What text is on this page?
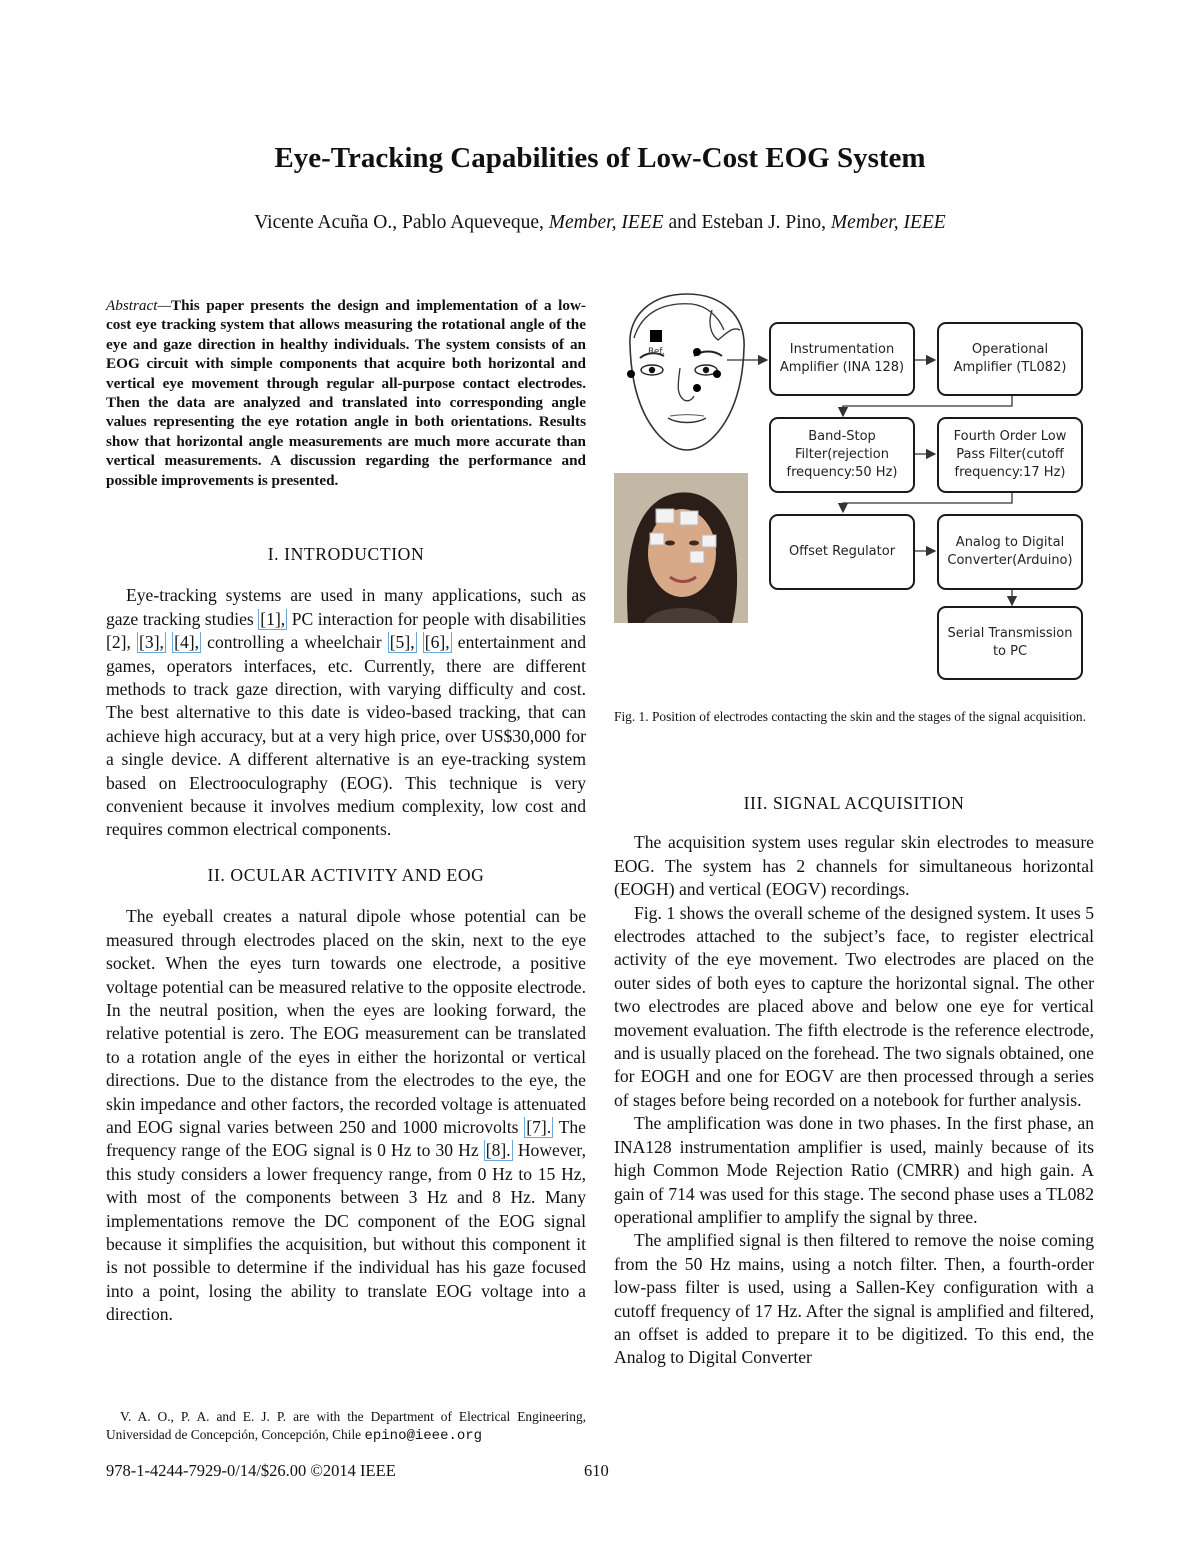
Eye-Tracking Capabilities of Low-Cost EOG System
Vicente Acuña O., Pablo Aqueveque, Member, IEEE and Esteban J. Pino, Member, IEEE
Abstract—This paper presents the design and implementation of a low-cost eye tracking system that allows measuring the rotational angle of the eye and gaze direction in healthy individuals. The system consists of an EOG circuit with simple components that acquire both horizontal and vertical eye movement through regular all-purpose contact electrodes. Then the data are analyzed and translated into corresponding angle values representing the eye rotation angle in both orientations. Results show that horizontal angle measurements are much more accurate than vertical measurements. A discussion regarding the performance and possible improvements is presented.

I. INTRODUCTION

Eye-tracking systems are used in many applications, such as gaze tracking studies [1], PC interaction for people with disabilities [2], [3], [4], controlling a wheelchair [5], [6], entertainment and games, operators interfaces, etc. Currently, there are different methods to track gaze direction, with varying difficulty and cost. The best alternative to this date is video-based tracking, that can achieve high accuracy, but at a very high price, over US$30,000 for a single device. A different alternative is an eye-tracking system based on Electrooculography (EOG). This technique is very convenient because it involves medium complexity, low cost and requires common electrical components.

II. OCULAR ACTIVITY AND EOG

The eyeball creates a natural dipole whose potential can be measured through electrodes placed on the skin, next to the eye socket. When the eyes turn towards one electrode, a positive voltage potential can be measured relative to the opposite electrode. In the neutral position, when the eyes are looking forward, the relative potential is zero. The EOG measurement can be translated to a rotation angle of the eyes in either the horizontal or vertical directions. Due to the distance from the electrodes to the eye, the skin impedance and other factors, the recorded voltage is attenuated and EOG signal varies between 250 and 1000 microvolts [7]. The frequency range of the EOG signal is 0 Hz to 30 Hz [8]. However, this study considers a lower frequency range, from 0 Hz to 15 Hz, with most of the components between 3 Hz and 8 Hz. Many implementations remove the DC component of the EOG signal because it simplifies the acquisition, but without this component it is not possible to determine if the individual has his gaze focused into a point, losing the ability to translate EOG voltage into a direction.

V. A. O., P. A. and E. J. P. are with the Department of Electrical Engineering, Universidad de Concepción, Concepción, Chile epino@ieee.org
978-1-4244-7929-0/14/$26.00 ©2014 IEEE	610
Ref.	Instrumentation Amplifier (INA 128)
Operational Amplifier (TL082)
Band-Stop Filter(rejection frequency:50 Hz)
Fourth Order Low Pass Filter(cutoff frequency:17 Hz)
Offset Regulator
Analog to Digital Converter(Arduino)
Serial Transmission to PC
Fig. 1. Position of electrodes contacting the skin and the stages of the signal acquisition.

III. SIGNAL ACQUISITION

The acquisition system uses regular skin electrodes to measure EOG. The system has 2 channels for simultaneous horizontal (EOGH) and vertical (EOGV) recordings.

Fig. 1 shows the overall scheme of the designed system. It uses 5 electrodes attached to the subject’s face, to register electrical activity of the eye movement. Two electrodes are placed on the outer sides of both eyes to capture the horizontal signal. The other two electrodes are placed above and below one eye for vertical movement evaluation. The fifth electrode is the reference electrode, and is usually placed on the forehead. The two signals obtained, one for EOGH and one for EOGV are then processed through a series of stages before being recorded on a notebook for further analysis.

The amplification was done in two phases. In the first phase, an INA128 instrumentation amplifier is used, mainly because of its high Common Mode Rejection Ratio (CMRR) and high gain. A gain of 714 was used for this stage. The second phase uses a TL082 operational amplifier to amplify the signal by three.

The amplified signal is then filtered to remove the noise coming from the 50 Hz mains, using a notch filter. Then, a fourth-order low-pass filter is used, using a Sallen-Key configuration with a cutoff frequency of 17 Hz. After the signal is amplified and filtered, an offset is added to prepare it to be digitized. To this end, the Analog to Digital Converter
